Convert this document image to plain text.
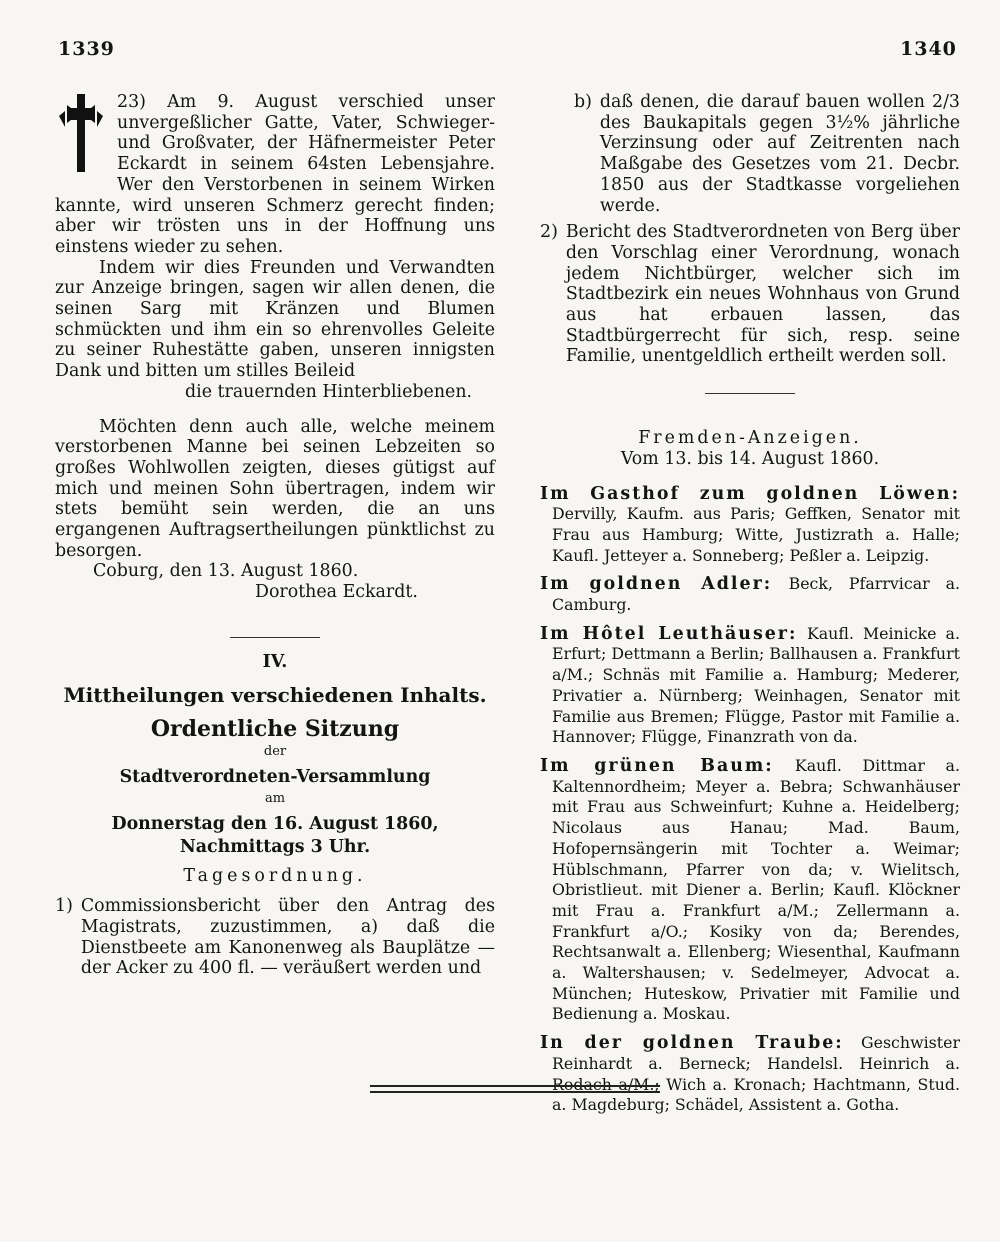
1339	1340

23) Am 9. August verschied unser unvergeßlicher Gatte, Vater, Schwieger- und Großvater, der Häfnermeister Peter Eckardt in seinem 64sten Lebensjahre. Wer den Verstorbenen in seinem Wirken kannte, wird unseren Schmerz gerecht finden; aber wir trösten uns in der Hoffnung uns einstens wieder zu sehen.

Indem wir dies Freunden und Verwandten zur Anzeige bringen, sagen wir allen denen, die seinen Sarg mit Kränzen und Blumen schmückten und ihm ein so ehrenvolles Geleite zu seiner Ruhestätte gaben, unseren innigsten Dank und bitten um stilles Beileid

die trauernden Hinterbliebenen.

Möchten denn auch alle, welche meinem verstorbenen Manne bei seinen Lebzeiten so großes Wohlwollen zeigten, dieses gütigst auf mich und meinen Sohn übertragen, indem wir stets bemüht sein werden, die an uns ergangenen Auftragsertheilungen pünktlichst zu besorgen.

Coburg, den 13. August 1860.

Dorothea Eckardt.

IV.
Mittheilungen verschiedenen Inhalts.
Ordentliche Sitzung
der
Stadtverordneten-Versammlung
am
Donnerstag den 16. August 1860,
Nachmittags 3 Uhr.
Tagesordnung.
1) Commissionsbericht über den Antrag des Magistrats, zuzustimmen, a) daß die Dienstbeete am Kanonenweg als Bauplätze — der Acker zu 400 fl. — veräußert werden und
b) daß denen, die darauf bauen wollen 2/3 des Baukapitals gegen 3½% jährliche Verzinsung oder auf Zeitrenten nach Maßgabe des Gesetzes vom 21. Decbr. 1850 aus der Stadtkasse vorgeliehen werde.
2) Bericht des Stadtverordneten von Berg über den Vorschlag einer Verordnung, wonach jedem Nichtbürger, welcher sich im Stadtbezirk ein neues Wohnhaus von Grund aus hat erbauen lassen, das Stadtbürgerrecht für sich, resp. seine Familie, unentgeldlich ertheilt werden soll.
Fremden-Anzeigen.
Vom 13. bis 14. August 1860.
Im Gasthof zum goldnen Löwen: Dervilly, Kaufm. aus Paris; Geffken, Senator mit Frau aus Hamburg; Witte, Justizrath a. Halle; Kaufl. Jetteyer a. Sonneberg; Peßler a. Leipzig.
Im goldnen Adler: Beck, Pfarrvicar a. Camburg.
Im Hôtel Leuthäuser: Kaufl. Meinicke a. Erfurt; Dettmann a Berlin; Ballhausen a. Frankfurt a/M.; Schnäs mit Familie a. Hamburg; Mederer, Privatier a. Nürnberg; Weinhagen, Senator mit Familie aus Bremen; Flügge, Pastor mit Familie a. Hannover; Flügge, Finanzrath von da.
Im grünen Baum: Kaufl. Dittmar a. Kaltennordheim; Meyer a. Bebra; Schwanhäuser mit Frau aus Schweinfurt; Kuhne a. Heidelberg; Nicolaus aus Hanau; Mad. Baum, Hofopernsängerin mit Tochter a. Weimar; Hüblschmann, Pfarrer von da; v. Wielitsch, Obristlieut. mit Diener a. Berlin; Kaufl. Klöckner mit Frau a. Frankfurt a/M.; Zellermann a. Frankfurt a/O.; Kosiky von da; Berendes, Rechtsanwalt a. Ellenberg; Wiesenthal, Kaufmann a. Waltershausen; v. Sedelmeyer, Advocat a. München; Huteskow, Privatier mit Familie und Bedienung a. Moskau.
In der goldnen Traube: Geschwister Reinhardt a. Berneck; Handelsl. Heinrich a. Rodach a/M.; Wich a. Kronach; Hachtmann, Stud. a. Magdeburg; Schädel, Assistent a. Gotha.
